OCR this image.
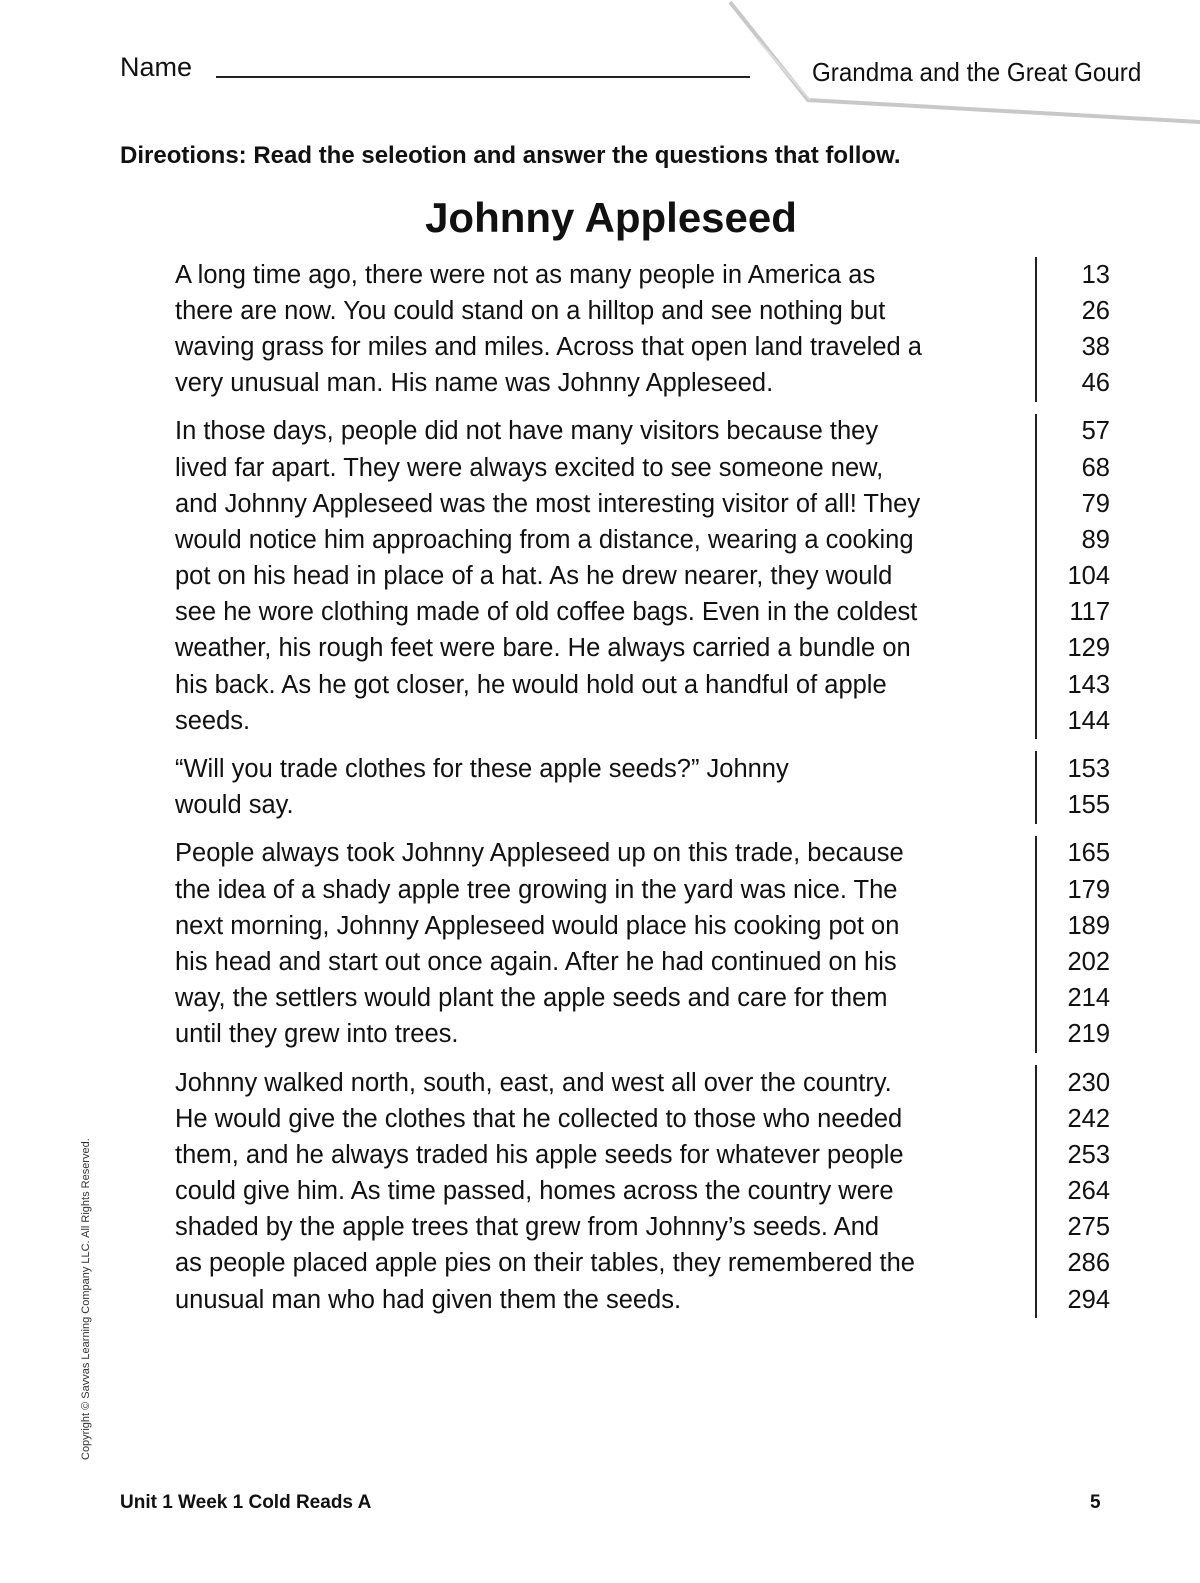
Name	Grandma and the Great Gourd
Direotions: Read the seleotion and answer the questions that follow.
Johnny Appleseed
A long time ago, there were not as many people in America as	13
there are now. You could stand on a hilltop and see nothing but	26
waving grass for miles and miles. Across that open land traveled a	38
very unusual man. His name was Johnny Appleseed.	46
In those days, people did not have many visitors because they	57
lived far apart. They were always excited to see someone new,	68
and Johnny Appleseed was the most interesting visitor of all! They	79
would notice him approaching from a distance, wearing a cooking	89
pot on his head in place of a hat. As he drew nearer, they would	104
see he wore clothing made of old coffee bags. Even in the coldest	117
weather, his rough feet were bare. He always carried a bundle on	129
his back. As he got closer, he would hold out a handful of apple	143
seeds.	144
“Will you trade clothes for these apple seeds?” Johnny	153
would say.	155
People always took Johnny Appleseed up on this trade, because	165
the idea of a shady apple tree growing in the yard was nice. The	179
next morning, Johnny Appleseed would place his cooking pot on	189
his head and start out once again. After he had continued on his	202
way, the settlers would plant the apple seeds and care for them	214
until they grew into trees.	219
Johnny walked north, south, east, and west all over the country.	230
He would give the clothes that he collected to those who needed	242
them, and he always traded his apple seeds for whatever people	253
could give him. As time passed, homes across the country were	264
shaded by the apple trees that grew from Johnny’s seeds. And	275
as people placed apple pies on their tables, they remembered the	286
unusual man who had given them the seeds.	294
Copyright © Savvas Learning Company LLC. All Rights Reserved.
Unit 1 Week 1 Cold Reads A	5
